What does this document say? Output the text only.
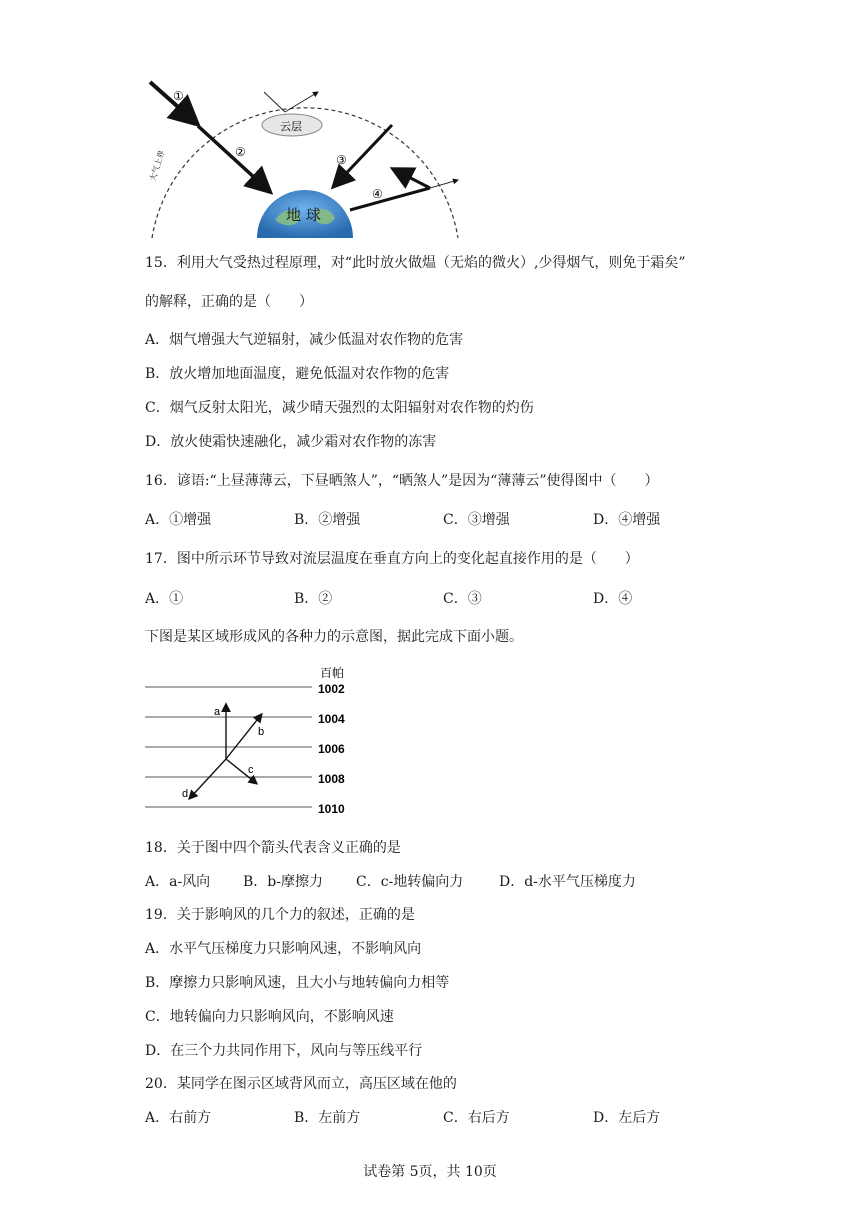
大气上界
①
②
云层
③
④
地 球
15．利用大气受热过程原理，对“此时放火做煴（无焰的微火）,少得烟气，则免于霜矣”
的解释，正确的是（　　）
A．烟气增强大气逆辐射，减少低温对农作物的危害
B．放火增加地面温度，避免低温对农作物的危害
C．烟气反射太阳光，减少晴天强烈的太阳辐射对农作物的灼伤
D．放火使霜快速融化，减少霜对农作物的冻害
16．谚语:“上昼薄薄云，下昼晒煞人”，“晒煞人”是因为“薄薄云”使得图中（　　）
A．①增强	B．②增强	C．③增强	D．④增强
17．图中所示环节导致对流层温度在垂直方向上的变化起直接作用的是（　　）
A．①	B．②	C．③	D．④
下图是某区域形成风的各种力的示意图，据此完成下面小题。
百帕
1002
1004
1006
1008
1010
a
b
c
d
18．关于图中四个箭头代表含义正确的是
A．a-风向 B．b-摩擦力 C．c-地转偏向力	D．d-水平气压梯度力
19．关于影响风的几个力的叙述，正确的是
A．水平气压梯度力只影响风速，不影响风向
B．摩擦力只影响风速，且大小与地转偏向力相等
C．地转偏向力只影响风向，不影响风速
D．在三个力共同作用下，风向与等压线平行
20．某同学在图示区域背风而立，高压区域在他的
A．右前方	B．左前方	C．右后方	D．左后方
试卷第 5页，共 10页
